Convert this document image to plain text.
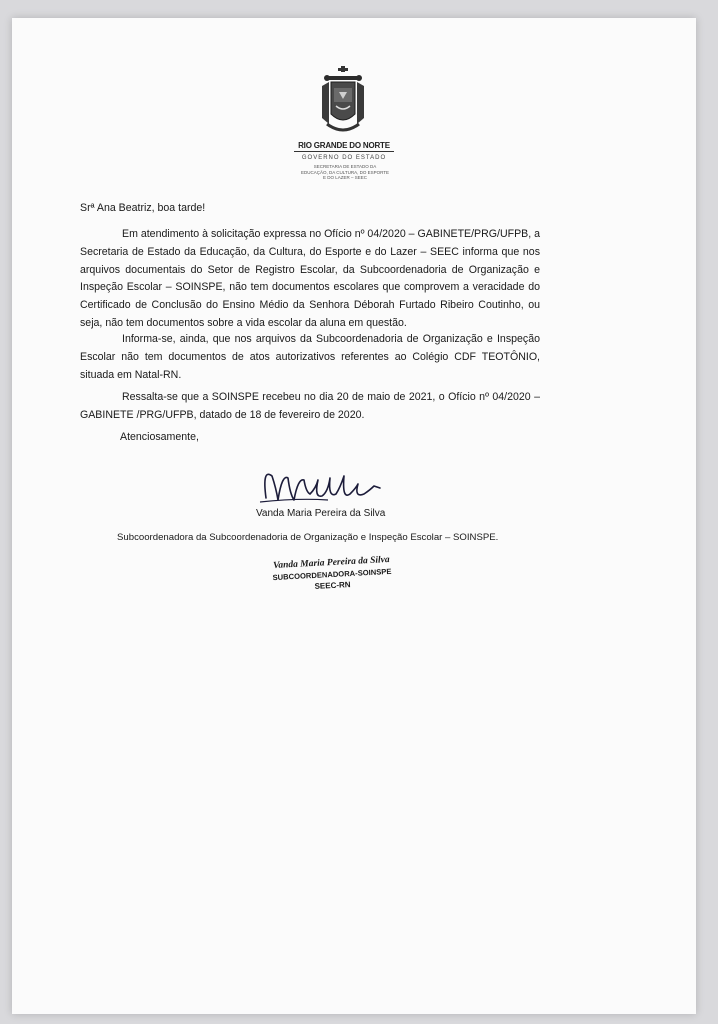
RIO GRANDE DO NORTE
GOVERNO DO ESTADO
SECRETARIA DE ESTADO DA EDUCAÇÃO, DA CULTURA, DO ESPORTE E DO LAZER – SEEC
Srª Ana Beatriz, boa tarde!
Em atendimento à solicitação expressa no Ofício nº 04/2020 – GABINETE/PRG/UFPB, a Secretaria de Estado da Educação, da Cultura, do Esporte e do Lazer – SEEC informa que nos arquivos documentais do Setor de Registro Escolar, da Subcoordenadoria de Organização e Inspeção Escolar – SOINSPE, não tem documentos escolares que comprovem a veracidade do Certificado de Conclusão do Ensino Médio da Senhora Déborah Furtado Ribeiro Coutinho, ou seja, não tem documentos sobre a vida escolar da aluna em questão.
Informa-se, ainda, que nos arquivos da Subcoordenadoria de Organização e Inspeção Escolar não tem documentos de atos autorizativos referentes ao Colégio CDF TEOTÔNIO, situada em Natal-RN.
Ressalta-se que a SOINSPE recebeu no dia 20 de maio de 2021, o Ofício nº 04/2020 – GABINETE /PRG/UFPB, datado de 18 de fevereiro de 2020.
Atenciosamente,
Vanda Maria Pereira da Silva
Subcoordenadora da Subcoordenadoria de Organização e Inspeção Escolar – SOINSPE.
Vanda Maria Pereira da Silva
SUBCOORDENADORA-SOINSPE
SEEC-RN
